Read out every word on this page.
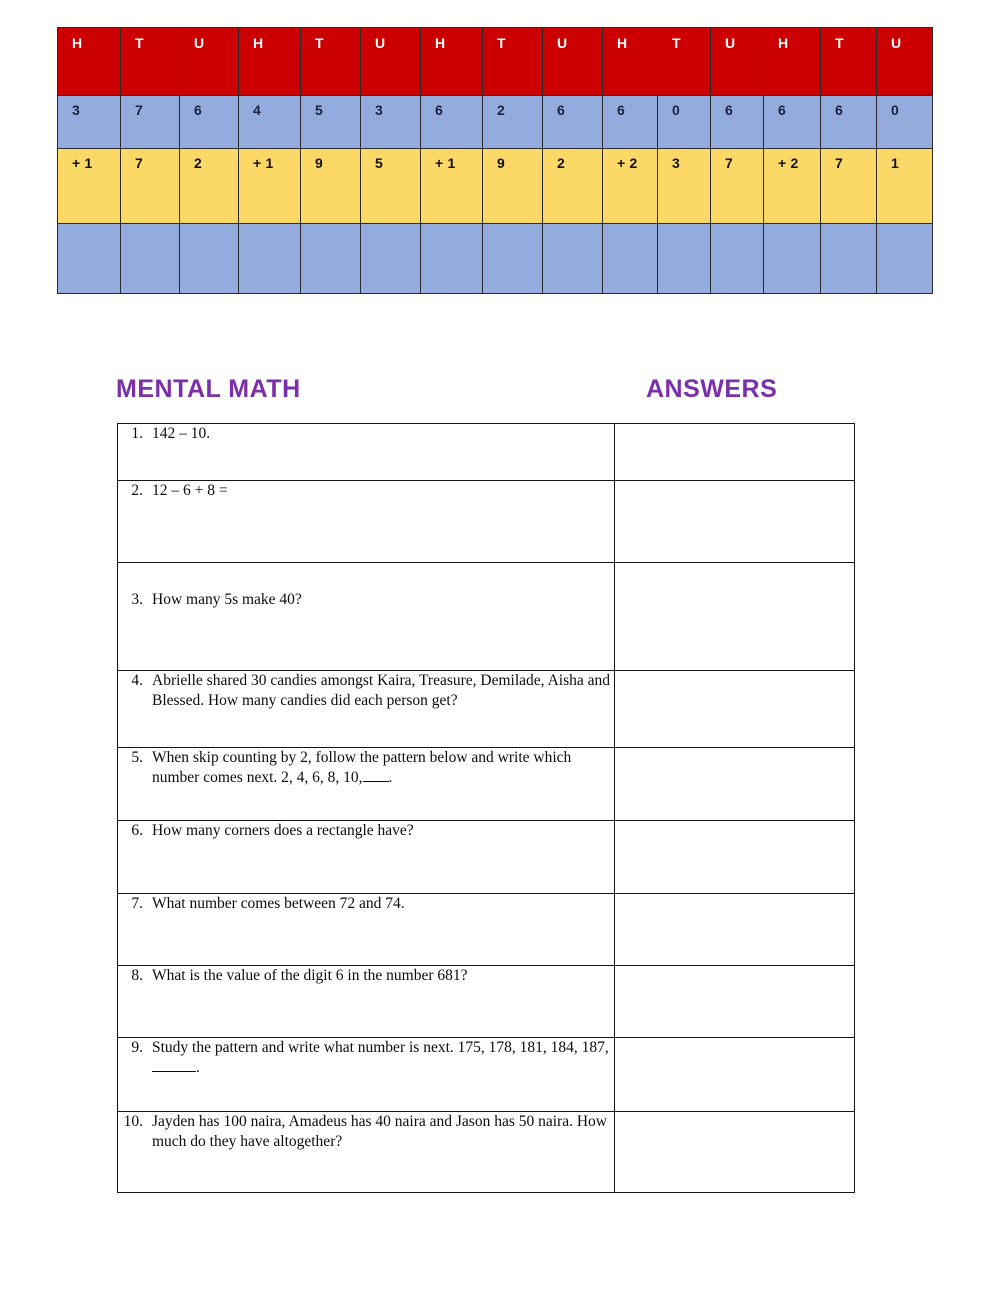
H	T	U	H	T	U	H	T	U	H	T	U	H	T	U

3	7	6	4	5	3	6	2	6	6	0	6	6	6	0

+ 1	7	2	+ 1	9	5	+ 1	9	2	+ 2	3	7	+ 2	7	1

MENTAL MATH	ANSWERS
1. 142 – 10.	

2. 12 – 6 + 8 =	

3. How many 5s make 40?	

4. Abrielle shared 30 candies amongst Kaira, Treasure, Demilade, Aisha and Blessed. How many candies did each person get?	

5. When skip counting by 2, follow the pattern below and write which number comes next. 2, 4, 6, 8, 10, .	

6. How many corners does a rectangle have?	

7. What number comes between 72 and 74.	

8. What is the value of the digit 6 in the number 681?	

9. Study the pattern and write what number is next. 175, 178, 181, 184, 187, .	

10. Jayden has 100 naira, Amadeus has 40 naira and Jason has 50 naira. How much do they have altogether?	
